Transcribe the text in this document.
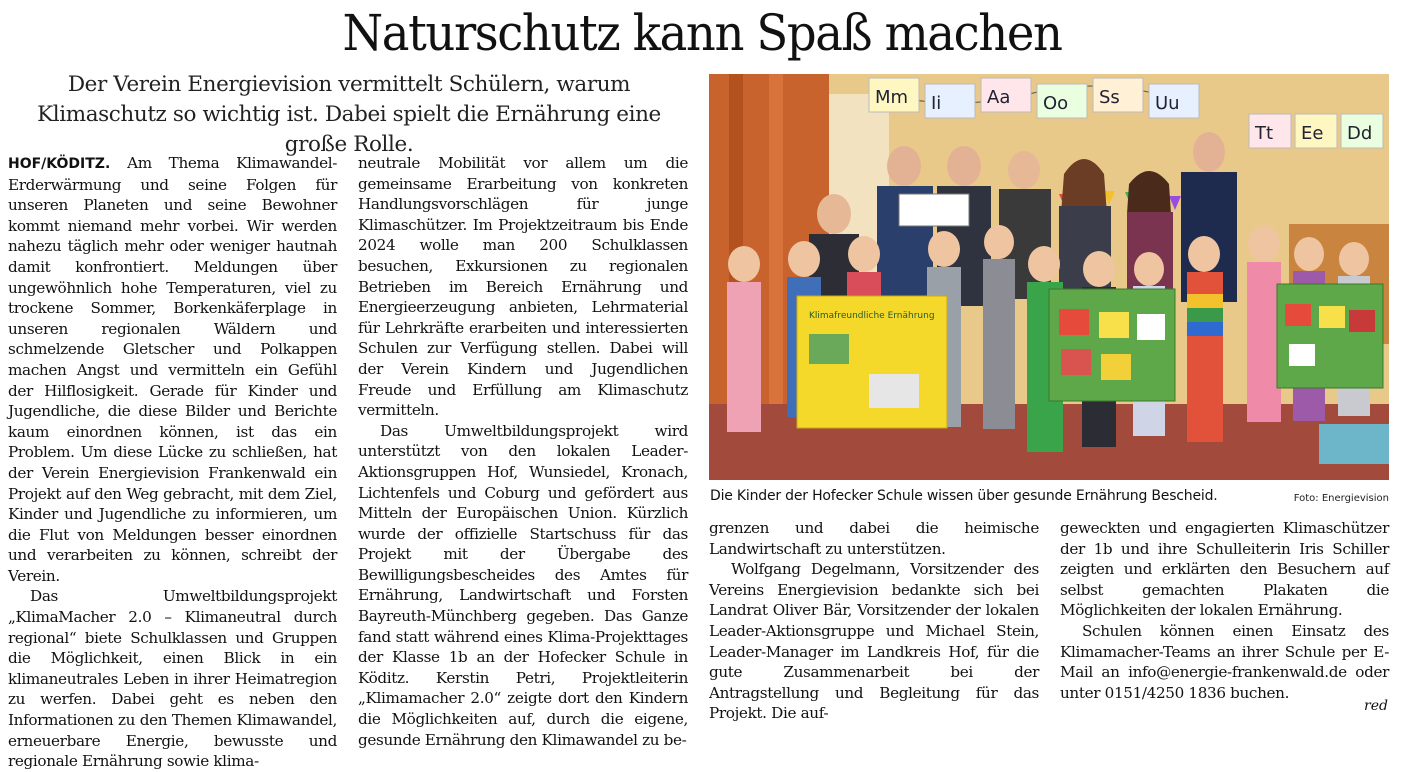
Naturschutz kann Spaß machen

Der Verein Energievision vermittelt Schülern, warum Klimaschutz so wichtig ist. Dabei spielt die Ernährung eine große Rolle.

HOF/KÖDITZ. Am Thema Klimawandel-Erderwärmung und seine Folgen für unseren Planeten und seine Bewohner kommt niemand mehr vorbei. Wir werden nahezu täglich mehr oder weniger hautnah damit konfrontiert. Meldungen über ungewöhnlich hohe Temperaturen, viel zu trockene Sommer, Borkenkäferplage in unseren regionalen Wäldern und schmelzende Gletscher und Polkappen machen Angst und vermitteln ein Gefühl der Hilflosigkeit. Gerade für Kinder und Jugendliche, die diese Bilder und Berichte kaum einordnen können, ist das ein Problem. Um diese Lücke zu schließen, hat der Verein Energievision Frankenwald ein Projekt auf den Weg gebracht, mit dem Ziel, Kinder und Jugendliche zu informieren, um die Flut von Meldungen besser einordnen und verarbeiten zu können, schreibt der Verein.

Das Umweltbildungsprojekt „KlimaMacher 2.0 – Klimaneutral durch regional“ biete Schulklassen und Gruppen die Möglichkeit, einen Blick in ein klimaneutrales Leben in ihrer Heimatregion zu werfen. Dabei geht es neben den Informationen zu den Themen Klimawandel, erneuerbare Energie, bewusste und regionale Ernährung sowie klima-

neutrale Mobilität vor allem um die gemeinsame Erarbeitung von konkreten Handlungsvorschlägen für junge Klimaschützer. Im Projektzeitraum bis Ende 2024 wolle man 200 Schulklassen besuchen, Exkursionen zu regionalen Betrieben im Bereich Ernährung und Energieerzeugung anbieten, Lehrmaterial für Lehrkräfte erarbeiten und interessierten Schulen zur Verfügung stellen. Dabei will der Verein Kindern und Jugendlichen Freude und Erfüllung am Klimaschutz vermitteln.

Das Umweltbildungsprojekt wird unterstützt von den lokalen Leader-Aktionsgruppen Hof, Wunsiedel, Kronach, Lichtenfels und Coburg und gefördert aus Mitteln der Europäischen Union. Kürzlich wurde der offizielle Startschuss für das Projekt mit der Übergabe des Bewilligungsbescheides des Amtes für Ernährung, Landwirtschaft und Forsten Bayreuth-Münchberg gegeben. Das Ganze fand statt während eines Klima-Projekttages der Klasse 1b an der Hofecker Schule in Köditz. Kerstin Petri, Projektleiterin „Klimamacher 2.0“ zeigte dort den Kindern die Möglichkeiten auf, durch die eigene, gesunde Ernährung den Klimawandel zu be-

Mm Ii	Aa Oo Ss Uu
Tt Ee Dd
Klimafreundliche Ernährung
Die Kinder der Hofecker Schule wissen über gesunde Ernährung Bescheid.	Foto: Energievision

grenzen und dabei die heimische Landwirtschaft zu unterstützen.

Wolfgang Degelmann, Vorsitzender des Vereins Energievision bedankte sich bei Landrat Oliver Bär, Vorsitzender der lokalen Leader-Aktionsgruppe und Michael Stein, Leader-Manager im Landkreis Hof, für die gute Zusammenarbeit bei der Antragstellung und Begleitung für das Projekt. Die auf-

geweckten und engagierten Klimaschützer der 1b und ihre Schulleiterin Iris Schiller zeigten und erklärten den Besuchern auf selbst gemachten Plakaten die Möglichkeiten der lokalen Ernährung.

Schulen können einen Einsatz des Klimamacher-Teams an ihrer Schule per E-Mail an info@energie-frankenwald.de oder unter 0151/4250 1836 buchen.

red
